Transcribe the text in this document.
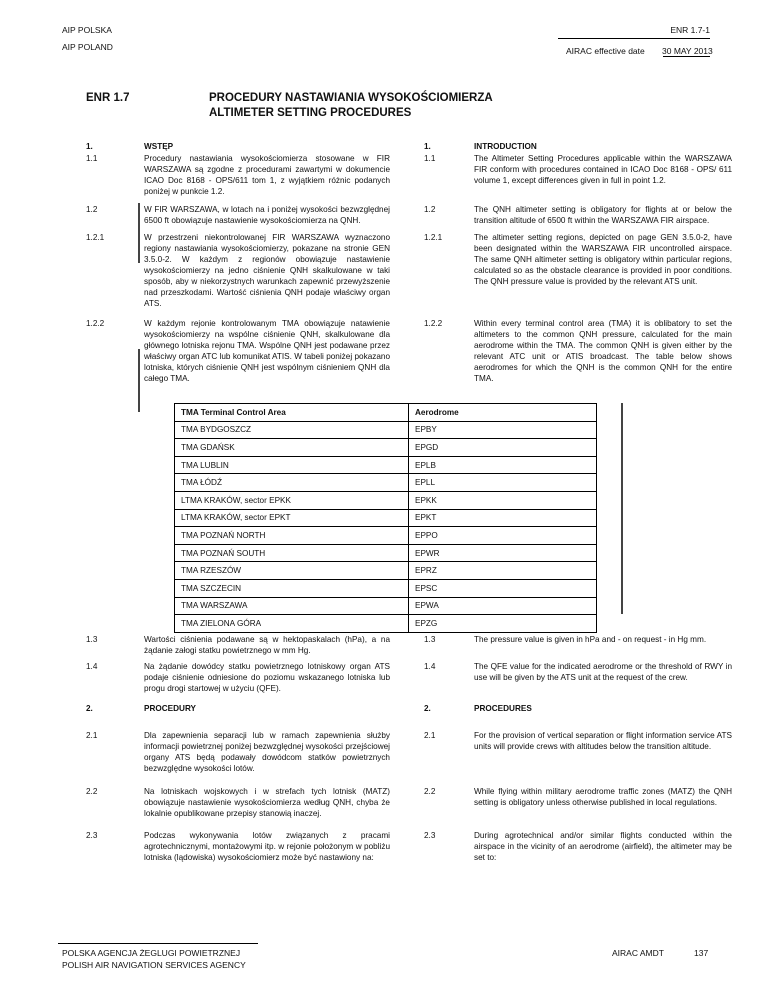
AIP POLSKA
AIP POLAND
ENR 1.7-1
AIRAC effective date 30 MAY 2013
ENR 1.7	PROCEDURY NASTAWIANIA WYSOKOŚCIOMIERZA
ALTIMETER SETTING PROCEDURES
1.	WSTĘP	1.	INTRODUCTION
1.1	Procedury nastawiania wysokościomierza stosowane w FIR WARSZAWA są zgodne z procedurami zawartymi w dokumencie ICAO Doc 8168 - OPS/611 tom 1, z wyjątkiem różnic podanych poniżej w punkcie 1.2.
1.1	The Altimeter Setting Procedures applicable within the WARSZAWA FIR conform with procedures contained in ICAO Doc 8168 - OPS/ 611 volume 1, except differences given in full in point 1.2.
1.2	W FIR WARSZAWA, w lotach na i poniżej wysokości bezwzględnej 6500 ft obowiązuje nastawienie wysokościomierza na QNH.
1.2	The QNH altimeter setting is obligatory for flights at or below the transition altitude of 6500 ft within the WARSZAWA FIR airspace.
1.2.1	W przestrzeni niekontrolowanej FIR WARSZAWA wyznaczono regiony nastawiania wysokościomierzy, pokazane na stronie GEN 3.5.0-2. W każdym z regionów obowiązuje nastawienie wysokościomierzy na jedno ciśnienie QNH skalkulowane w taki sposób, aby w niekorzystnych warunkach zapewnić przewyższenie nad przeszkodami. Wartość ciśnienia QNH podaje właściwy organ ATS.
1.2.1	The altimeter setting regions, depicted on page GEN 3.5.0-2, have been designated within the WARSZAWA FIR uncontrolled airspace. The same QNH altimeter setting is obligatory within particular regions, calculated so as the obstacle clearance is provided in poor conditions. The QNH pressure value is provided by the relevant ATS unit.
1.2.2	W każdym rejonie kontrolowanym TMA obowiązuje natawienie wysokościomierzy na wspólne ciśnienie QNH, skalkulowane dla głównego lotniska rejonu TMA. Wspólne QNH jest podawane przez właściwy organ ATC lub komunikat ATIS. W tabeli poniżej pokazano lotniska, których ciśnienie QNH jest wspólnym ciśnieniem QNH dla całego TMA.
1.2.2	Within every terminal control area (TMA) it is oblibatory to set the altimeters to the common QNH pressure, calculated for the main aerodrome within the TMA. The common QNH is given either by the relevant ATC unit or ATIS broadcast. The table below shows aerodromes for which the QNH is the common QNH for the entire TMA.
TMA Terminal Control Area	Aerodrome
TMA BYDGOSZCZ	EPBY
TMA GDAŃSK	EPGD
TMA LUBLIN	EPLB
TMA ŁÓDŹ	EPLL
LTMA KRAKÓW, sector EPKK	EPKK
LTMA KRAKÓW, sector EPKT	EPKT
TMA POZNAŃ NORTH	EPPO
TMA POZNAŃ SOUTH	EPWR
TMA RZESZÓW	EPRZ
TMA SZCZECIN	EPSC
TMA WARSZAWA	EPWA
TMA ZIELONA GÓRA	EPZG
1.3	Wartości ciśnienia podawane są w hektopaskalach (hPa), a na żądanie załogi statku powietrznego w mm Hg.
1.3	The pressure value is given in hPa and - on request - in Hg mm.
1.4	Na żądanie dowódcy statku powietrznego lotniskowy organ ATS podaje ciśnienie odniesione do poziomu wskazanego lotniska lub progu drogi startowej w użyciu (QFE).
1.4	The QFE value for the indicated aerodrome or the threshold of RWY in use will be given by the ATS unit at the request of the crew.
2.	PROCEDURY	2.	PROCEDURES
2.1	Dla zapewnienia separacji lub w ramach zapewnienia służby informacji powietrznej poniżej bezwzględnej wysokości przejściowej organy ATS będą podawały dowódcom statków powietrznych bezwzględne wysokości lotów.
2.1	For the provision of vertical separation or flight information service ATS units will provide crews with altitudes below the transition altitude.
2.2	Na lotniskach wojskowych i w strefach tych lotnisk (MATZ) obowiązuje nastawienie wysokościomierza według QNH, chyba że lokalnie opublikowane przepisy stanowią inaczej.
2.2	While flying within military aerodrome traffic zones (MATZ) the QNH setting is obligatory unless otherwise published in local regulations.
2.3	Podczas wykonywania lotów związanych z pracami agrotechnicznymi, montażowymi itp. w rejonie położonym w pobliżu lotniska (lądowiska) wysokościomierz może być nastawiony na:
2.3	During agrotechnical and/or similar flights conducted within the airspace in the vicinity of an aerodrome (airfield), the altimeter may be set to:
POLSKA AGENCJA ŻEGLUGI POWIETRZNEJ
POLISH AIR NAVIGATION SERVICES AGENCY
AIRAC AMDT	137
